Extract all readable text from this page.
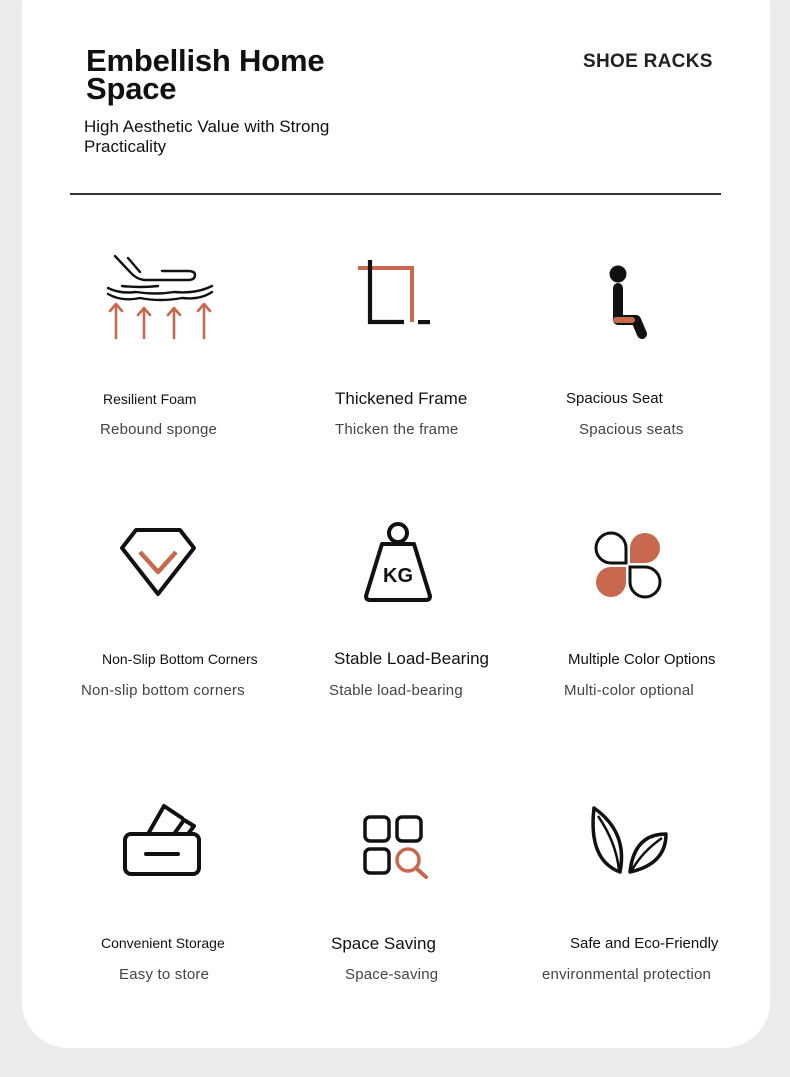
Embellish Home Space
High Aesthetic Value with Strong Practicality
SHOE RACKS
Resilient Foam
Rebound sponge
Thickened Frame
Thicken the frame
Spacious Seat
Spacious seats
Non-Slip Bottom Corners
Non-slip bottom corners
KG
Stable Load-Bearing
Stable load-bearing
Multiple Color Options
Multi-color optional
Convenient Storage
Easy to store
Space Saving
Space-saving
Safe and Eco-Friendly
environmental protection
